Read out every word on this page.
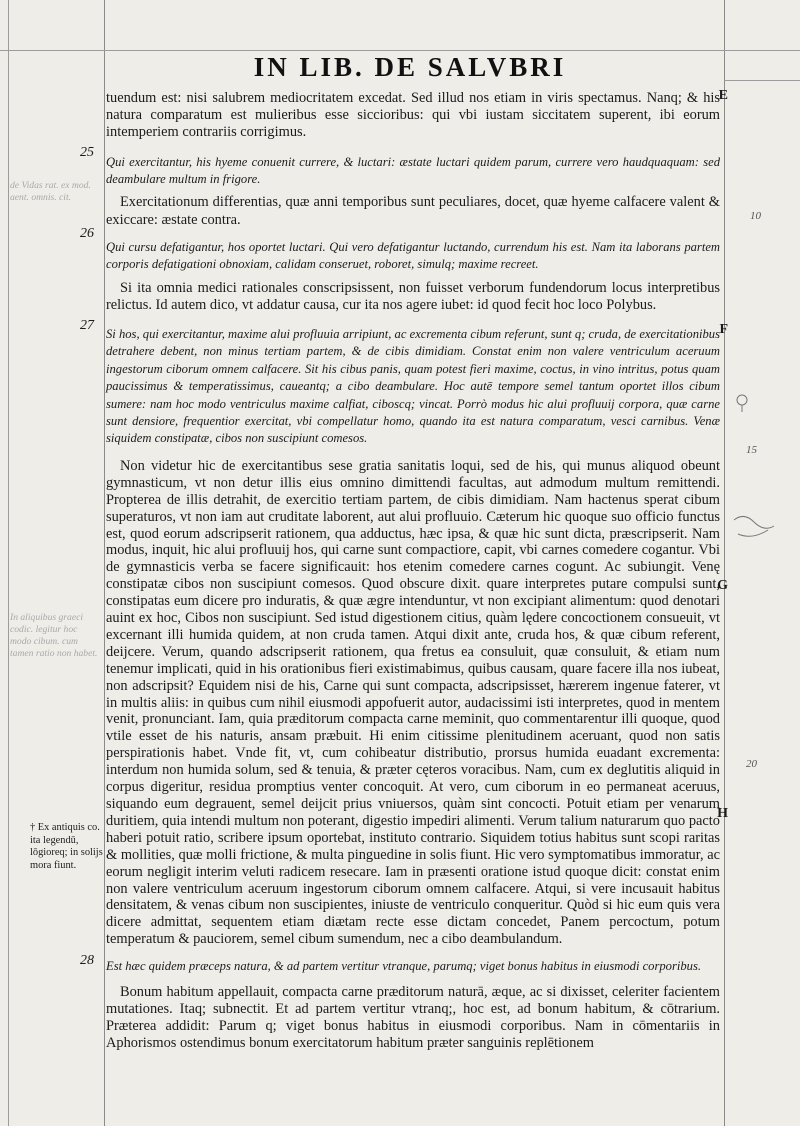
de Vidas rat. ex mod. aent. omnis. cit.
In aliquibus graeci codic. legitur hoc modo cibum. cum tamen ratio non habet.
IN LIB. DE SALVBRI
25
26
27
28
E
F
G
H
10
15
20
† Ex antiquis co. ita legendū, lōgioreq; in solijs mora fiunt.

tuendum est: nisi salubrem mediocritatem excedat. Sed illud nos etiam in viris spectamus. Nanq; & his natura comparatum est mulieribus esse siccioribus: qui vbi iustam siccitatem superent, ibi eorum intemperiem contrariis corrigimus.

Qui exercitantur, his hyeme conuenit currere, & luctari: æstate luctari quidem parum, currere vero haudquaquam: sed deambulare multum in frigore.

Exercitationum differentias, quæ anni temporibus sunt peculiares, docet, quæ hyeme calfacere valent & exiccare: æstate contra.

Qui cursu defatigantur, hos oportet luctari. Qui vero defatigantur luctando, currendum his est. Nam ita laborans partem corporis defatigationi obnoxiam, calidam conseruet, roboret, simulq; maxime recreet.

Si ita omnia medici rationales conscripsissent, non fuisset verborum fundendorum locus interpretibus relictus. Id autem dico, vt addatur causa, cur ita nos agere iubet: id quod fecit hoc loco Polybus.

Si hos, qui exercitantur, maxime alui profluuia arripiunt, ac excrementa cibum referunt, sunt q; cruda, de exercitationibus detrahere debent, non minus tertiam partem, & de cibis dimidiam. Constat enim non valere ventriculum aceruum ingestorum ciborum omnem calfacere. Sit his cibus panis, quam potest fieri maxime, coctus, in vino intritus, potus quam paucissimus & temperatissimus, caueantq; a cibo deambulare. Hoc autē tempore semel tantum oportet illos cibum sumere: nam hoc modo ventriculus maxime calfiat, ciboscq; vincat. Porrò modus hic alui profluuij corpora, quæ carne sunt densiore, frequentior exercitat, vbi compellatur homo, quando ita est natura comparatum, vesci carnibus. Venæ siquidem constipatæ, cibos non suscipiunt comesos.

Non videtur hic de exercitantibus sese gratia sanitatis loqui, sed de his, qui munus aliquod obeunt gymnasticum, vt non detur illis eius omnino dimittendi facultas, aut admodum multum remittendi. Propterea de illis detrahit, de exercitio tertiam partem, de cibis dimidiam. Nam hactenus sperat cibum superaturos, vt non iam aut cruditate laborent, aut alui profluuio. Cæterum hic quoque suo officio functus est, quod eorum adscripserit rationem, qua adductus, hæc ipsa, & quæ hic sunt dicta, præscripserit. Nam modus, inquit, hic alui profluuij hos, qui carne sunt compactiore, capit, vbi carnes comedere cogantur. Vbi de gymnasticis verba se facere significauit: hos etenim comedere carnes cogunt. Ac subiungit. Venę constipatæ cibos non suscipiunt comesos. Quod obscure dixit. quare interpretes putare compulsi sunt, constipatas eum dicere pro induratis, & quæ ægre intenduntur, vt non excipiant alimentum: quod denotari auint ex hoc, Cibos non suscipiunt. Sed istud digestionem citius, quàm lędere concoctionem consueuit, vt excernant illi humida quidem, at non cruda tamen. Atqui dixit ante, cruda hos, & quæ cibum referent, deijcere. Verum, quando adscripserit rationem, qua fretus ea consuluit, quæ consuluit, & etiam num tenemur implicati, quid in his orationibus fieri existimabimus, quibus causam, quare facere illa nos iubeat, non adscripsit? Equidem nisi de his, Carne qui sunt compacta, adscripsisset, hærerem ingenue faterer, vt in multis aliis: in quibus cum nihil eiusmodi appofuerit autor, audacissimi isti interpretes, quod in mentem venit, pronunciant. Iam, quia præditorum compacta carne meminit, quo commentarentur illi quoque, quod vtile esset de his naturis, ansam præbuit. Hi enim citissime plenitudinem aceruant, quod non satis perspirationis habet. Vnde fit, vt, cum cohibeatur distributio, prorsus humida euadant excrementa: interdum non humida solum, sed & tenuia, & præter cęteros voracibus. Nam, cum ex deglutitis aliquid in corpus digeritur, residua promptius venter concoquit. At vero, cum ciborum in eo permaneat aceruus, siquando eum degrauent, semel deijcit prius vniuersos, quàm sint concocti. Potuit etiam per venarum duritiem, quia intendi multum non poterant, digestio impediri alimenti. Verum talium naturarum quo pacto haberi potuit ratio, scribere ipsum oportebat, instituto contrario. Siquidem totius habitus sunt scopi raritas & mollities, quæ molli frictione, & multa pinguedine in solis fiunt. Hic vero symptomatibus immoratur, ac eorum negligit interim veluti radicem resecare. Iam in præsenti oratione istud quoque dicit: constat enim non valere ventriculum aceruum ingestorum ciborum omnem calfacere. Atqui, si vere incusauit habitus densitatem, & venas cibum non suscipientes, iniuste de ventriculo conqueritur. Quòd si hic eum quis vera dicere admittat, sequentem etiam diætam recte esse dictam concedet, Panem percoctum, potum temperatum & pauciorem, semel cibum sumendum, nec a cibo deambulandum.

Est hæc quidem præceps natura, & ad partem vertitur vtranque, parumq; viget bonus habitus in eiusmodi corporibus.

Bonum habitum appellauit, compacta carne præditorum naturā, æque, ac si dixisset, celeriter facientem mutationes. Itaq; subnectit. Et ad partem vertitur vtranq;, hoc est, ad bonum habitum, & cōtrarium. Præterea addidit: Parum q; viget bonus habitus in eiusmodi corporibus. Nam in cōmentariis in Aphorismos ostendimus bonum exercitatorum habitum præter sanguinis replētionem
